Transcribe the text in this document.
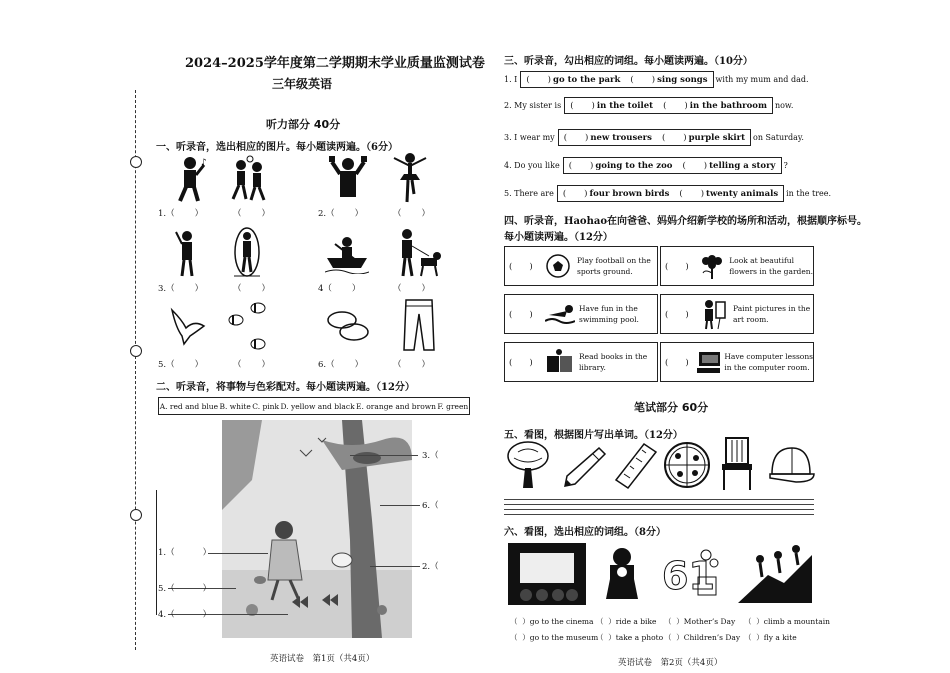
2024–2025学年度第二学期期末学业质量监测试卷
三年级英语
听力部分 40分
一、听录音，选出相应的图片。每小题读两遍。（6分）
♪
1.（ ）	（ ）	2.（ ）	（ ）
3.（ ）	（ ）	4（ ）	（ ）
5.（ ）	（ ）	6.（ ）	（ ）
二、听录音，将事物与色彩配对。每小题读两遍。（12分）
A. red and blue B. white C. pink D. yellow and black E. orange and brown F. green
1.（	）
2.（
3.（
4.（	）
5.（	）
6.（
英语试卷　第1页（共4页）
三、听录音，勾出相应的词组。每小题读两遍。（10分）
1. I ( ) go to the park ( ) sing songs with my mum and dad.
2. My sister is ( ) in the toilet ( ) in the bathroom now.
3. I wear my ( ) new trousers ( ) purple skirt on Saturday.
4. Do you like ( ) going to the zoo ( ) telling a story ?
5. There are ( ) four brown birds ( ) twenty animals in the tree.
四、听录音，Haohao在向爸爸、妈妈介绍新学校的场所和活动，根据顺序标号。
每小题读两遍。（12分）
(　　)
Play football on the
sports ground.	(　　)
Look at beautiful
flowers in the garden.
(　　)
Have fun in the
swimming pool.	(　　)
Paint pictures in the
art room.
(　　)
Read books in the
library.	(　　)
Have computer lessons
in the computer room.
笔试部分 60分
五、看图，根据图片写出单词。（12分）
六、看图，选出相应的词组。（8分）
61
（ ）go to the cinema （ ）ride a bike （ ）Mother’s Day （ ）climb a mountain
（ ）go to the museum
（ ）take a photo （ ）Children’s Day （ ）fly a kite
英语试卷　第2页（共4页）
